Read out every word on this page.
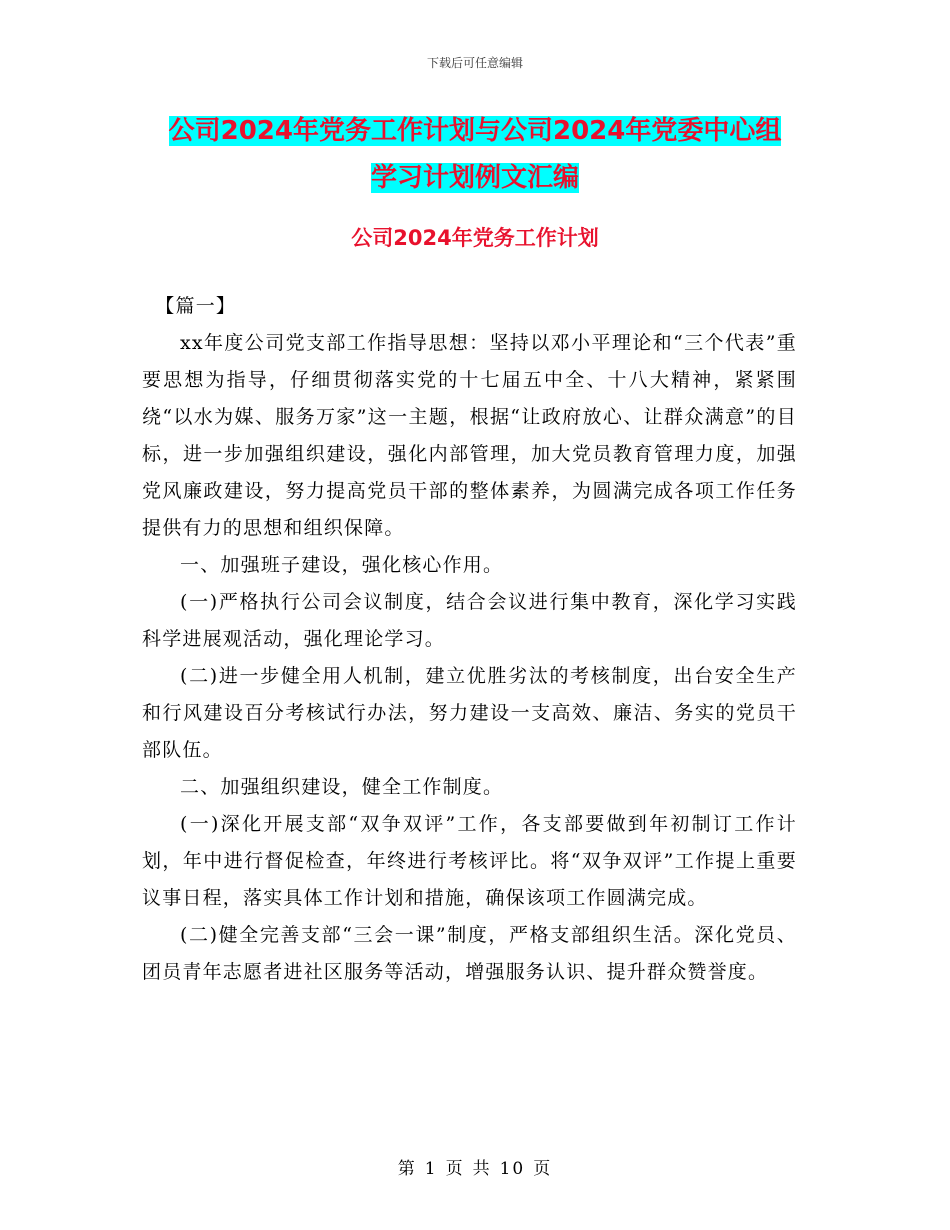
下载后可任意编辑
公司2024年党务工作计划与公司2024年党委中心组
学习计划例文汇编
公司2024年党务工作计划

【篇一】

xx年度公司党支部工作指导思想：坚持以邓小平理论和“三个代表”重要思想为指导，仔细贯彻落实党的十七届五中全、十八大精神，紧紧围绕“以水为媒、服务万家”这一主题，根据“让政府放心、让群众满意”的目标，进一步加强组织建设，强化内部管理，加大党员教育管理力度，加强党风廉政建设，努力提高党员干部的整体素养，为圆满完成各项工作任务提供有力的思想和组织保障。

一、加强班子建设，强化核心作用。

(一)严格执行公司会议制度，结合会议进行集中教育，深化学习实践科学进展观活动，强化理论学习。

(二)进一步健全用人机制，建立优胜劣汰的考核制度，出台安全生产和行风建设百分考核试行办法，努力建设一支高效、廉洁、务实的党员干部队伍。

二、加强组织建设，健全工作制度。

(一)深化开展支部“双争双评”工作，各支部要做到年初制订工作计划，年中进行督促检查，年终进行考核评比。将“双争双评”工作提上重要议事日程，落实具体工作计划和措施，确保该项工作圆满完成。

(二)健全完善支部“三会一课”制度，严格支部组织生活。深化党员、团员青年志愿者进社区服务等活动，增强服务认识、提升群众赞誉度。

第 1 页 共 10 页
